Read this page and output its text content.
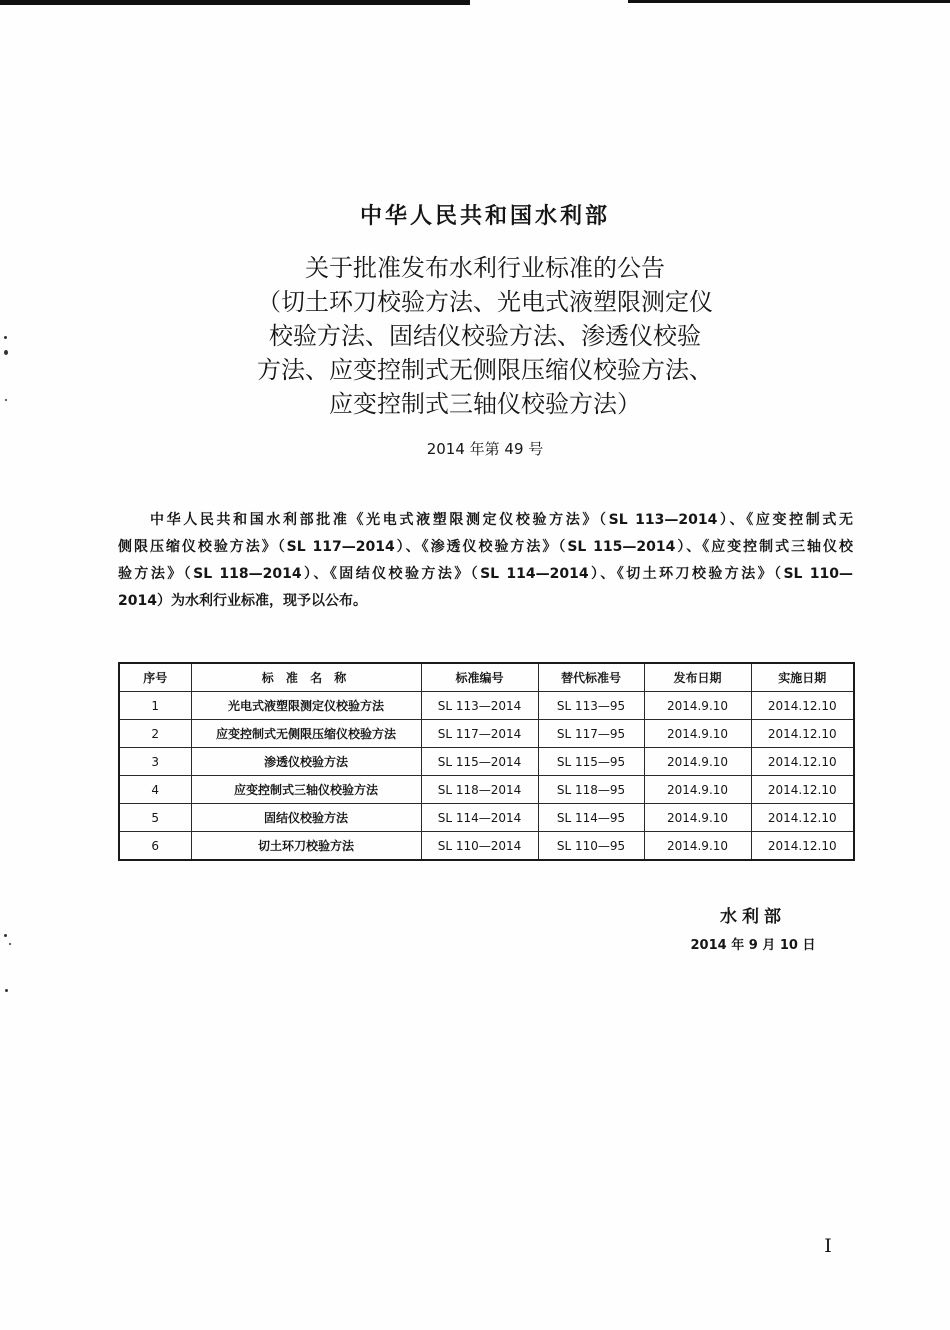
中华人民共和国水利部
关于批准发布水利行业标准的公告
（切土环刀校验方法、光电式液塑限测定仪
校验方法、固结仪校验方法、渗透仪校验
方法、应变控制式无侧限压缩仪校验方法、
应变控制式三轴仪校验方法）
2014 年第 49 号
中华人民共和国水利部批准《光电式液塑限测定仪校验方法》（SL 113—2014）、《应变控制式无
侧限压缩仪校验方法》（SL 117—2014）、《渗透仪校验方法》（SL 115—2014）、《应变控制式三轴仪校
验方法》（SL 118—2014）、《固结仪校验方法》（SL 114—2014）、《切土环刀校验方法》（SL 110—
2014）为水利行业标准，现予以公布。
序号	标 准 名 称	标准编号	替代标准号	发布日期	实施日期
1	光电式液塑限测定仪校验方法	SL 113—2014	SL 113—95	2014.9.10	2014.12.10
2	应变控制式无侧限压缩仪校验方法	SL 117—2014	SL 117—95	2014.9.10	2014.12.10
3	渗透仪校验方法	SL 115—2014	SL 115—95	2014.9.10	2014.12.10
4	应变控制式三轴仪校验方法	SL 118—2014	SL 118—95	2014.9.10	2014.12.10
5	固结仪校验方法	SL 114—2014	SL 114—95	2014.9.10	2014.12.10
6	切土环刀校验方法	SL 110—2014	SL 110—95	2014.9.10	2014.12.10
水利部
2014 年 9 月 10 日
I
